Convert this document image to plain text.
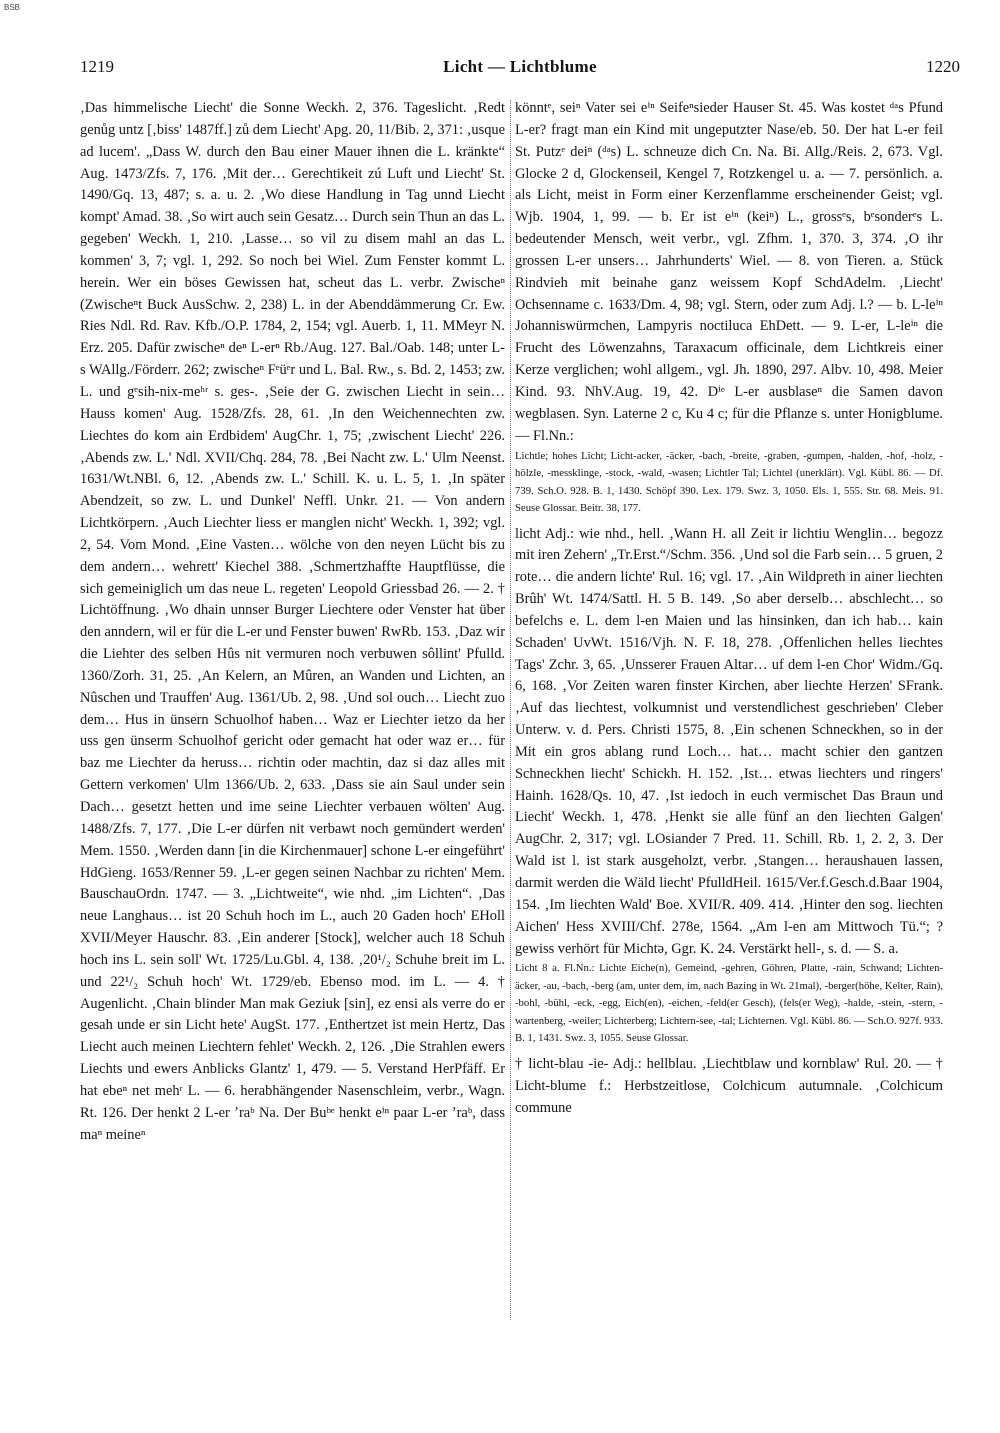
BSB
1219	Licht — Lichtblume	1220

‚Das himmelische Liecht' die Sonne Weckh. 2, 376. Tageslicht. ‚Redt genůg untz [‚biss' 1487ff.] zů dem Liecht' Apg. 20, 11/Bib. 2, 371: ‚usque ad lucem'. „Dass W. durch den Bau einer Mauer ihnen die L. kränkte“ Aug. 1473/Zfs. 7, 176. ‚Mit der… Gerechtikeit zú Luft und Liecht' St. 1490/Gq. 13, 487; s. a. u. 2. ‚Wo diese Handlung in Tag unnd Liecht kompt' Amad. 38. ‚So wirt auch sein Gesatz… Durch sein Thun an das L. gegeben' Weckh. 1, 210. ‚Lasse… so vil zu disem mahl an das L. kommen' 3, 7; vgl. 1, 292. So noch bei Wiel. Zum Fenster kommt L. herein. Wer ein böses Gewissen hat, scheut das L. verbr. Zwischeⁿ (Zwischeⁿt Buck AusSchw. 2, 238) L. in der Abenddämmerung Cr. Ew. Ries Ndl. Rd. Rav. Kfb./O.P. 1784, 2, 154; vgl. Auerb. 1, 11. MMeyr N. Erz. 205. Dafür zwischeⁿ deⁿ L-erⁿ Rb./Aug. 127. Bal./Oab. 148; unter L-s WAllg./Förderr. 262; zwischeⁿ Fᵉüᵉr und L. Bal. Rw., s. Bd. 2, 1453; zw. L. und gᵉsih-nix-meʰʳ s. ges-. ‚Seie der G. zwischen Liecht in sein… Hauss komen' Aug. 1528/Zfs. 28, 61. ‚In den Weichennechten zw. Liechtes do kom ain Erdbidem' AugChr. 1, 75; ‚zwischent Liecht' 226. ‚Abends zw. L.' Ndl. XVII/Chq. 284, 78. ‚Bei Nacht zw. L.' Ulm Neenst. 1631/Wt.NBl. 6, 12. ‚Abends zw. L.' Schill. K. u. L. 5, 1. ‚In später Abendzeit, so zw. L. und Dunkel' Neffl. Unkr. 21. — Von andern Lichtkörpern. ‚Auch Liechter liess er manglen nicht' Weckh. 1, 392; vgl. 2, 54. Vom Mond. ‚Eine Vasten… wölche von den neyen Lücht bis zu dem andern… wehrett' Kiechel 388. ‚Schmertzhaffte Hauptflüsse, die sich gemeiniglich um das neue L. regeten' Leopold Griessbad 26. — 2. † Lichtöffnung. ‚Wo dhain unnser Burger Liechtere oder Venster hat über den anndern, wil er für die L-er und Fenster buwen' RwRb. 153. ‚Daz wir die Liehter des selben Hûs nit vermuren noch verbuwen sôllint' Pfulld. 1360/Zorh. 31, 25. ‚An Kelern, an Mûren, an Wanden und Lichten, an Nûschen und Trauffen' Aug. 1361/Ub. 2, 98. ‚Und sol ouch… Liecht zuo dem… Hus in ünsern Schuolhof haben… Waz er Liechter ietzo da her uss gen ünserm Schuolhof gericht oder gemacht hat oder waz er… für baz me Liechter da heruss… richtin oder machtin, daz si daz alles mit Gettern verkomen' Ulm 1366/Ub. 2, 633. ‚Dass sie ain Saul under sein Dach… gesetzt hetten und ime seine Liechter verbauen wölten' Aug. 1488/Zfs. 7, 177. ‚Die L-er dürfen nit verbawt noch gemündert werden' Mem. 1550. ‚Werden dann [in die Kirchenmauer] schone L-er eingeführt' HdGieng. 1653/Renner 59. ‚L-er gegen seinen Nachbar zu richten' Mem. BauschauOrdn. 1747. — 3. „Lichtweite“, wie nhd. „im Lichten“. ‚Das neue Langhaus… ist 20 Schuh hoch im L., auch 20 Gaden hoch' EHoll XVII/Meyer Hauschr. 83. ‚Ein anderer [Stock], welcher auch 18 Schuh hoch ins L. sein soll' Wt. 1725/Lu.Gbl. 4, 138. ‚20¹/₂ Schuhe breit im L. und 22¹/₂ Schuh hoch' Wt. 1729/eb. Ebenso mod. im L. — 4. † Augenlicht. ‚Chain blinder Man mak Geziuk [sin], ez ensi als verre do er gesah unde er sin Licht hete' AugSt. 177. ‚Enthertzet ist mein Hertz, Das Liecht auch meinen Liechtern fehlet' Weckh. 2, 126. ‚Die Strahlen ewers Liechts und ewers Anblicks Glantz' 1, 479. — 5. Verstand HerPfäff. Er hat ebeⁿ net mehʳ L. — 6. herabhängender Nasenschleim, verbr., Wagn. Rt. 126. Der henkt 2 L-er ʼraᵇ Na. Der Buᵇᵉ henkt eⁱⁿ paar L-er ʼraᵇ, dass maⁿ meineⁿ

könntᵉ, seiⁿ Vater sei eⁱⁿ Seifeⁿsieder Hauser St. 45. Was kostet ᵈᵃs Pfund L-er? fragt man ein Kind mit ungeputzter Nase/eb. 50. Der hat L-er feil St. Putzᵉ deiⁿ (ᵈᵃs) L. schneuze dich Cn. Na. Bi. Allg./Reis. 2, 673. Vgl. Glocke 2 d, Glockenseil, Kengel 7, Rotzkengel u. a. — 7. persönlich. a. als Licht, meist in Form einer Kerzenflamme erscheinender Geist; vgl. Wjb. 1904, 1, 99. — b. Er ist eⁱⁿ (keiⁿ) L., grossᵉs, bᵉsonderᵉs L. bedeutender Mensch, weit verbr., vgl. Zfhm. 1, 370. 3, 374. ‚O ihr grossen L-er unsers… Jahrhunderts' Wiel. — 8. von Tieren. a. Stück Rindvieh mit beinahe ganz weissem Kopf SchdAdelm. ‚Liecht' Ochsenname c. 1633/Dm. 4, 98; vgl. Stern, oder zum Adj. l.? — b. L-leⁱⁿ Johanniswürmchen, Lampyris noctiluca EhDett. — 9. L-er, L-leⁱⁿ die Frucht des Löwenzahns, Taraxacum officinale, dem Lichtkreis einer Kerze verglichen; wohl allgem., vgl. Jh. 1890, 297. Albv. 10, 498. Meier Kind. 93. NhV.Aug. 19, 42. Dⁱᵉ L-er ausblaseⁿ die Samen davon wegblasen. Syn. Laterne 2 c, Ku 4 c; für die Pflanze s. unter Honigblume. — Fl.Nn.:

Lichtle; hohes Licht; Licht-acker, -äcker, -bach, -breite, -graben, -gumpen, -halden, -hof, -holz, -hölzle, -messklinge, -stock, -wald, -wasen; Lichtler Tal; Lichtel (unerklärt). Vgl. Kübl. 86. — Df. 739. Sch.O. 928. B. 1, 1430. Schöpf 390. Lex. 179. Swz. 3, 1050. Els. 1, 555. Str. 68. Meis. 91. Seuse Glossar. Beitr. 38, 177.

licht Adj.: wie nhd., hell. ‚Wann H. all Zeit ir lichtiu Wenglin… begozz mit iren Zehern' „Tr.Erst.“/Schm. 356. ‚Und sol die Farb sein… 5 gruen, 2 rote… die andern lichte' Rul. 16; vgl. 17. ‚Ain Wildpreth in ainer liechten Brûh' Wt. 1474/Sattl. H. 5 B. 149. ‚So aber derselb… abschlecht… so befelchs e. L. dem l-en Maien und las hinsinken, dan ich hab… kain Schaden' UvWt. 1516/Vjh. N. F. 18, 278. ‚Offenlichen helles liechtes Tags' Zchr. 3, 65. ‚Unsserer Frauen Altar… uf dem l-en Chor' Widm./Gq. 6, 168. ‚Vor Zeiten waren finster Kirchen, aber liechte Herzen' SFrank. ‚Auf das liechtest, volkumnist und verstendlichest geschrieben' Cleber Unterw. v. d. Pers. Christi 1575, 8. ‚Ein schenen Schneckhen, so in der Mit ein gros ablang rund Loch… hat… macht schier den gantzen Schneckhen liecht' Schickh. H. 152. ‚Ist… etwas liechters und ringers' Hainh. 1628/Qs. 10, 47. ‚Ist iedoch in euch vermischet Das Braun und Liecht' Weckh. 1, 478. ‚Henkt sie alle fünf an den liechten Galgen' AugChr. 2, 317; vgl. LOsiander 7 Pred. 11. Schill. Rb. 1, 2. 2, 3. Der Wald ist l. ist stark ausgeholzt, verbr. ‚Stangen… heraushauen lassen, darmit werden die Wäld liecht' PfulldHeil. 1615/Ver.f.Gesch.d.Baar 1904, 154. ‚Im liechten Wald' Boe. XVII/R. 409. 414. ‚Hinter den sog. liechten Aichen' Hess XVIII/Chf. 278e, 1564. „Am l-en am Mittwoch Tü.“; ? gewiss verhört für Michtə, Ggr. K. 24. Verstärkt hell-, s. d. — S. a.

Licht 8 a. Fl.Nn.: Lichte Eiche(n), Gemeind, -gehren, Göhren, Platte, -rain, Schwand; Lichten-äcker, -au, -bach, -berg (am, unter dem, im, nach Bazing in Wt. 21mal), -berger(höhe, Kelter, Rain), -bohl, -bühl, -eck, -egg, Eich(en), -eichen, -feld(er Gesch), (fels(er Weg), -halde, -stein, -stern, -wartenberg, -weiler; Lichterberg; Lichtern-see, -tal; Lichternen. Vgl. Kübl. 86. — Sch.O. 927f. 933. B. 1, 1431. Swz. 3, 1055. Seuse Glossar.

† licht-blau -ie- Adj.: hellblau. ‚Liechtblaw und kornblaw' Rul. 20. — † Licht-blume f.: Herbstzeitlose, Colchicum autumnale. ‚Colchicum commune
